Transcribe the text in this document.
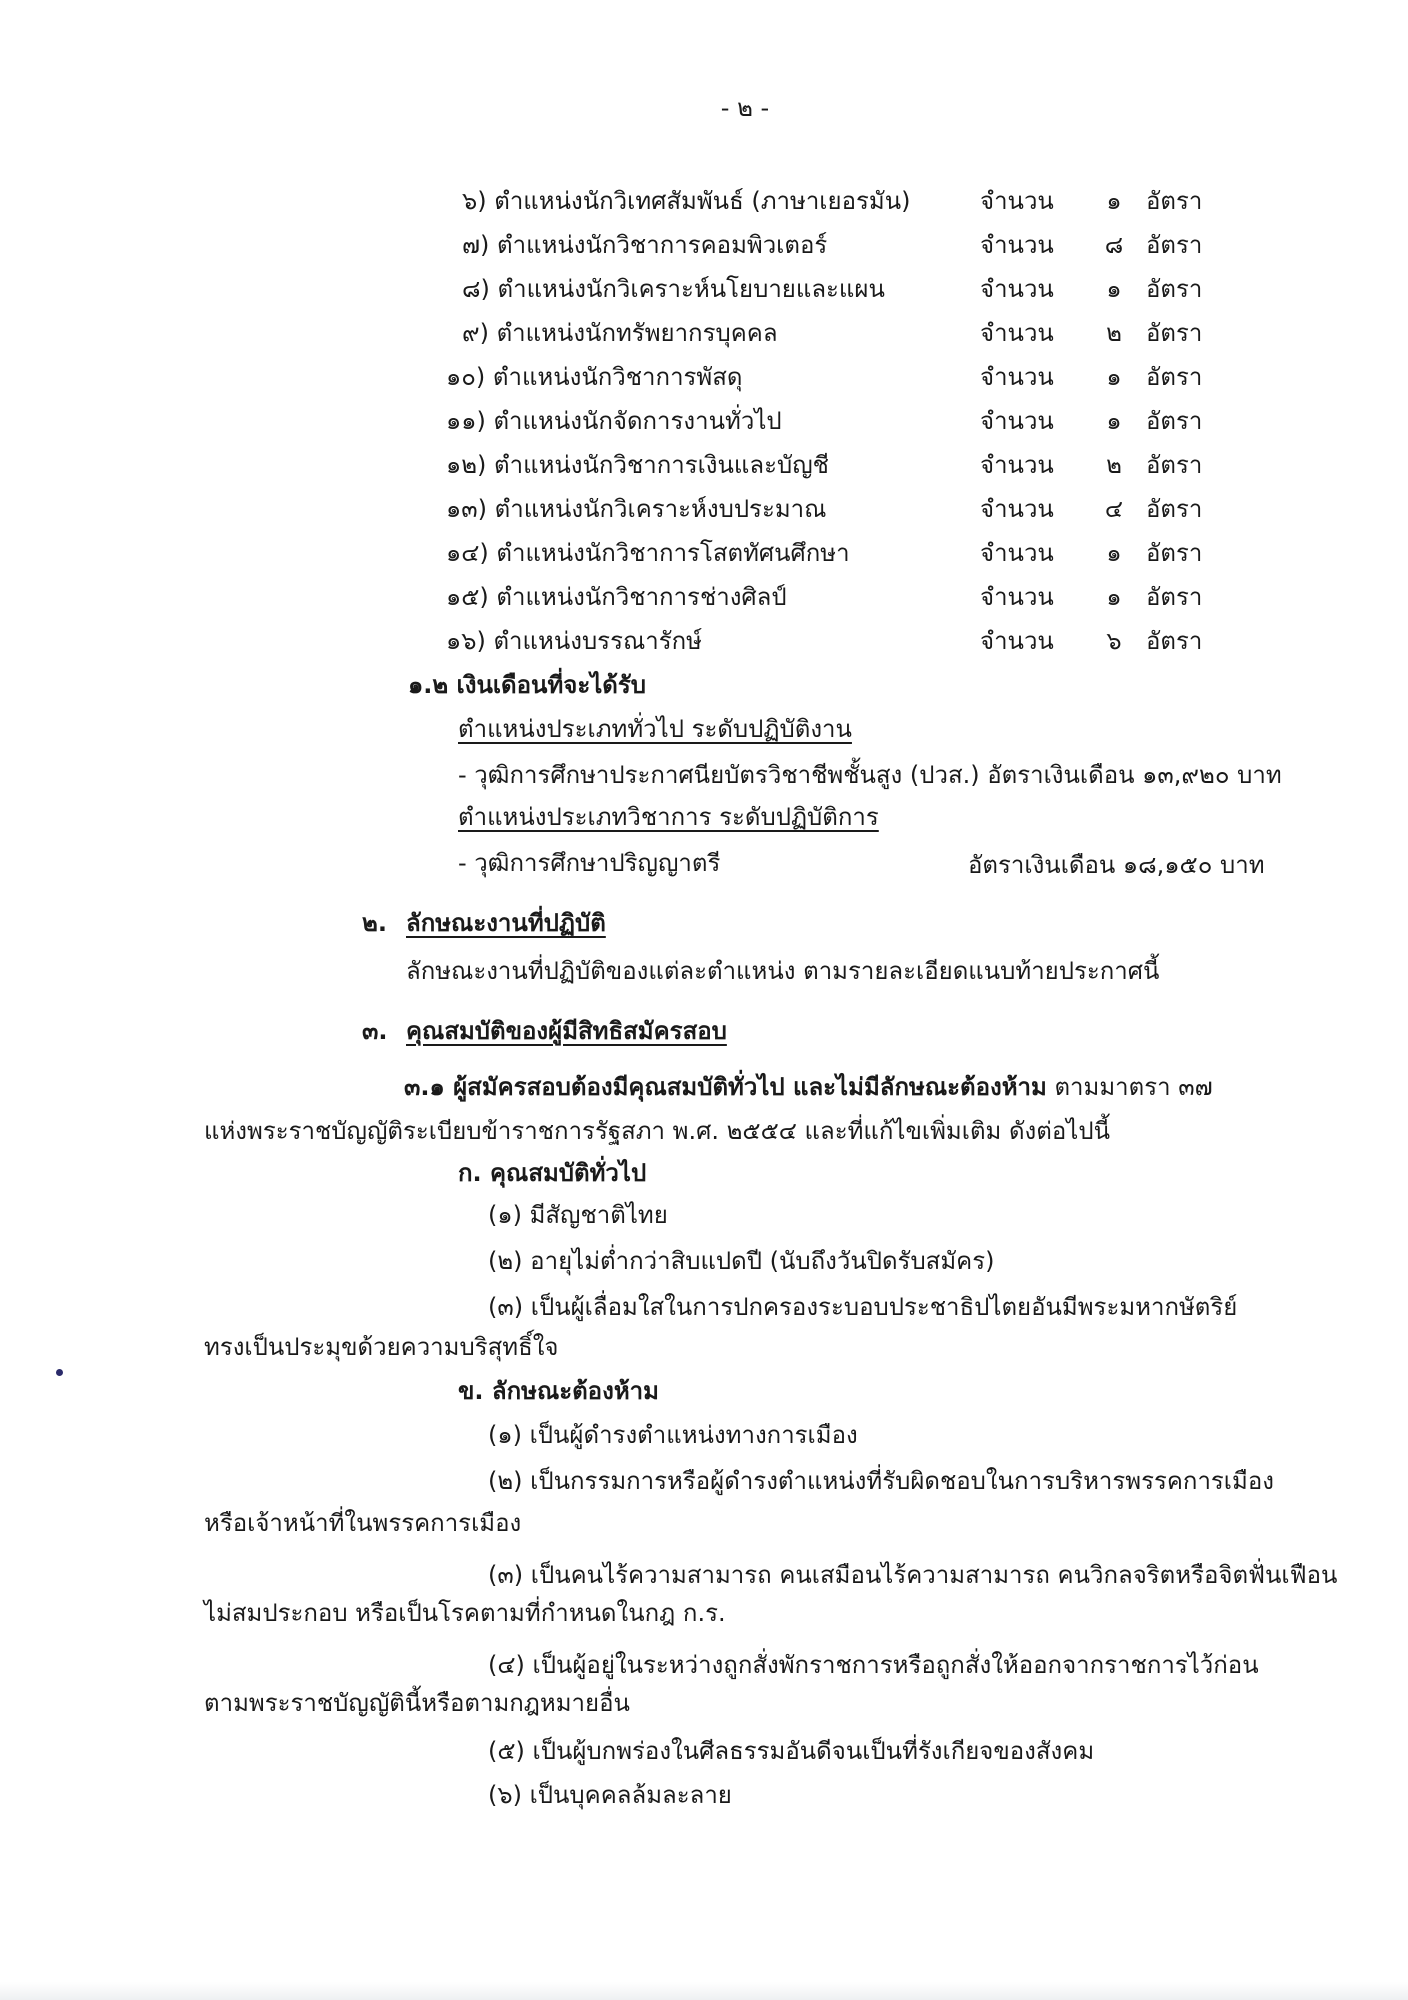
- ๒ -
๖) ตำแหน่งนักวิเทศสัมพันธ์ (ภาษาเยอรมัน)	จำนวน	๑	อัตรา
๗) ตำแหน่งนักวิชาการคอมพิวเตอร์	จำนวน	๘ อัตรา
๘) ตำแหน่งนักวิเคราะห์นโยบายและแผน	จำนวน	๑	อัตรา
๙) ตำแหน่งนักทรัพยากรบุคคล	จำนวน	๒	อัตรา
๑๐) ตำแหน่งนักวิชาการพัสดุ	จำนวน	๑	อัตรา
๑๑) ตำแหน่งนักจัดการงานทั่วไป	จำนวน	๑	อัตรา
๑๒) ตำแหน่งนักวิชาการเงินและบัญชี	จำนวน	๒	อัตรา
๑๓) ตำแหน่งนักวิเคราะห์งบประมาณ	จำนวน	๔ อัตรา
๑๔) ตำแหน่งนักวิชาการโสตทัศนศึกษา	จำนวน	๑	อัตรา
๑๕) ตำแหน่งนักวิชาการช่างศิลป์	จำนวน	๑	อัตรา
๑๖) ตำแหน่งบรรณารักษ์	จำนวน	๖	อัตรา
๑.๒ เงินเดือนที่จะได้รับ
ตำแหน่งประเภททั่วไป ระดับปฏิบัติงาน
- วุฒิการศึกษาประกาศนียบัตรวิชาชีพชั้นสูง (ปวส.) อัตราเงินเดือน ๑๓,๙๒๐ บาท
ตำแหน่งประเภทวิชาการ ระดับปฏิบัติการ
- วุฒิการศึกษาปริญญาตรี	อัตราเงินเดือน ๑๘,๑๕๐ บาท
๒. ลักษณะงานที่ปฏิบัติ
ลักษณะงานที่ปฏิบัติของแต่ละตำแหน่ง ตามรายละเอียดแนบท้ายประกาศนี้
๓. คุณสมบัติของผู้มีสิทธิสมัครสอบ
๓.๑ ผู้สมัครสอบต้องมีคุณสมบัติทั่วไป และไม่มีลักษณะต้องห้าม ตามมาตรา ๓๗
แห่งพระราชบัญญัติระเบียบข้าราชการรัฐสภา พ.ศ. ๒๕๕๔ และที่แก้ไขเพิ่มเติม ดังต่อไปนี้
ก. คุณสมบัติทั่วไป
(๑) มีสัญชาติไทย
(๒) อายุไม่ต่ำกว่าสิบแปดปี (นับถึงวันปิดรับสมัคร)
(๓) เป็นผู้เลื่อมใสในการปกครองระบอบประชาธิปไตยอันมีพระมหากษัตริย์
ทรงเป็นประมุขด้วยความบริสุทธิ์ใจ
ข. ลักษณะต้องห้าม
(๑) เป็นผู้ดำรงตำแหน่งทางการเมือง
(๒) เป็นกรรมการหรือผู้ดำรงตำแหน่งที่รับผิดชอบในการบริหารพรรคการเมือง
หรือเจ้าหน้าที่ในพรรคการเมือง
(๓) เป็นคนไร้ความสามารถ คนเสมือนไร้ความสามารถ คนวิกลจริตหรือจิตฟั่นเฟือน
ไม่สมประกอบ หรือเป็นโรคตามที่กำหนดในกฎ ก.ร.
(๔) เป็นผู้อยู่ในระหว่างถูกสั่งพักราชการหรือถูกสั่งให้ออกจากราชการไว้ก่อน
ตามพระราชบัญญัตินี้หรือตามกฎหมายอื่น
(๕) เป็นผู้บกพร่องในศีลธรรมอันดีจนเป็นที่รังเกียจของสังคม
(๖) เป็นบุคคลล้มละลาย
